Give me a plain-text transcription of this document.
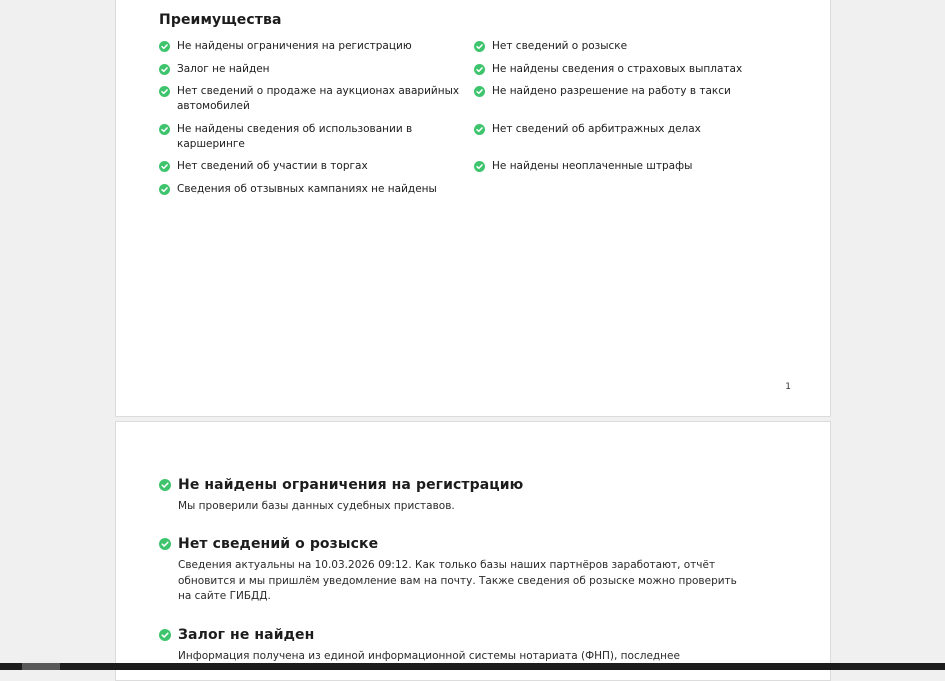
Преимущества
Не найдены ограничения на регистрацию	Нет сведений о розыске
Залог не найден	Не найдены сведения о страховых выплатах
Нет сведений о продаже на аукционах аварийных автомобилей
Не найдено разрешение на работу в такси
Не найдены сведения об использовании в каршеринге
Нет сведений об арбитражных делах
Нет сведений об участии в торгах	Не найдены неоплаченные штрафы
Сведения об отзывных кампаниях не найдены
1
Не найдены ограничения на регистрацию

Мы проверили базы данных судебных приставов.

Нет сведений о розыске

Сведения актуальны на 10.03.2026 09:12. Как только базы наших партнёров заработают, отчёт обновится и мы пришлём уведомление вам на почту. Также сведения об розыске можно проверить на сайте ГИБДД.

Залог не найден

Информация получена из единой информационной системы нотариата (ФНП), последнее
